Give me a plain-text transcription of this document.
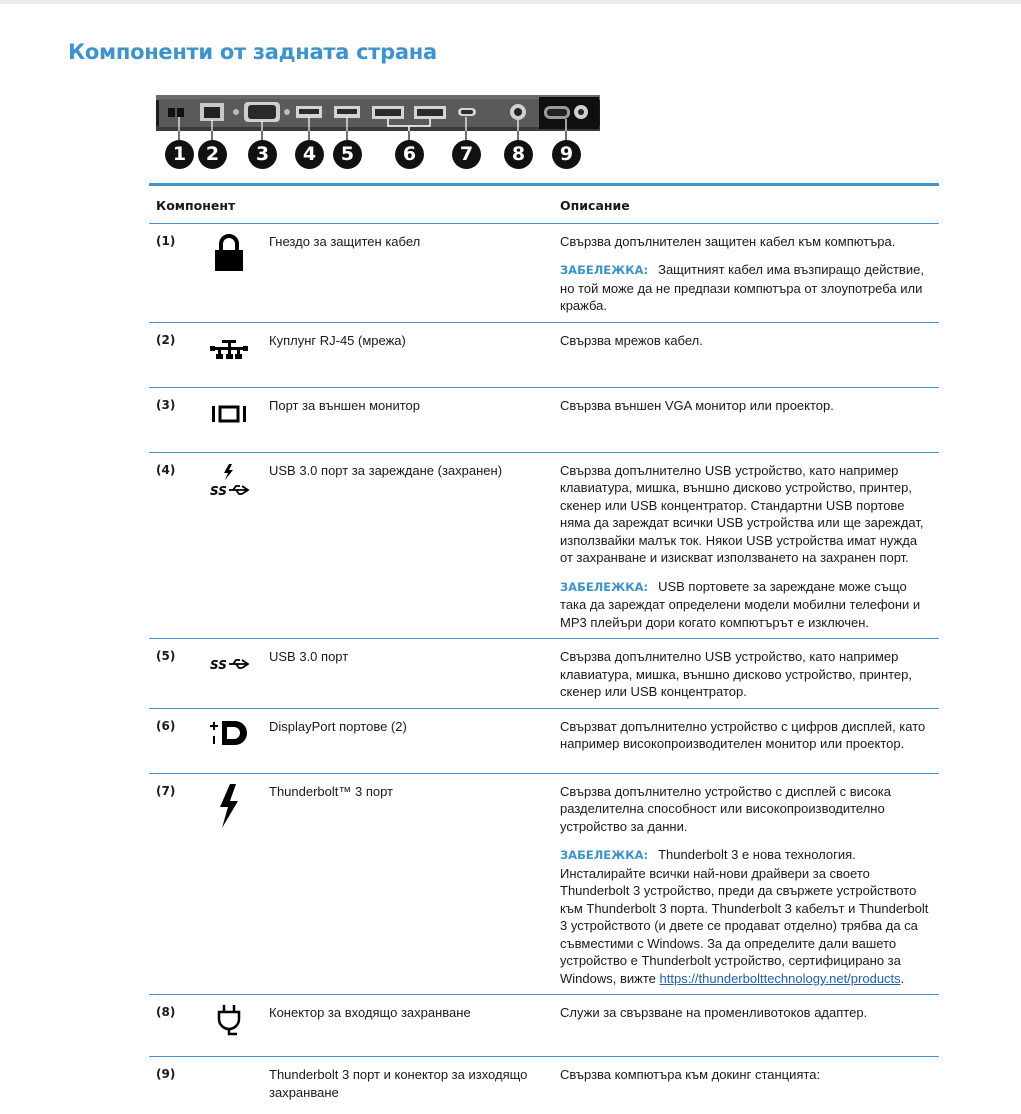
Компоненти от задната страна
1	2	3	4	5	6	7	8	9
Компонент			Описание
(1)		Гнездо за защитен кабел	Свързва допълнителен защитен кабел към компютъра.

ЗАБЕЛЕЖКА: Защитният кабел има възпиращо действие, но той може да не предпази компютъра от злоупотреба или кражба.

(2)		Куплунг RJ-45 (мрежа)	Свързва мрежов кабел.

(3)		Порт за външен монитор	Свързва външен VGA монитор или проектор.

(4)	SS	USB 3.0 порт за зареждане (захранен)	Свързва допълнително USB устройство, като например клавиатура, мишка, външно дисково устройство, принтер, скенер или USB концентратор. Стандартни USB портове няма да зареждат всички USB устройства или ще зареждат, използвайки малък ток. Някои USB устройства имат нужда от захранване и изискват използването на захранен порт.

ЗАБЕЛЕЖКА: USB портовете за зареждане може също така да зареждат определени модели мобилни телефони и MP3 плейъри дори когато компютърът е изключен.

(5)	SS	USB 3.0 порт	Свързва допълнително USB устройство, като например клавиатура, мишка, външно дисково устройство, принтер, скенер или USB концентратор.

(6)		DisplayPort портове (2)	Свързват допълнително устройство с цифров дисплей, като например високопроизводителен монитор или проектор.

(7)		Thunderbolt™ 3 порт	Свързва допълнително устройство с дисплей с висока разделителна способност или високопроизводително устройство за данни.

ЗАБЕЛЕЖКА: Thunderbolt 3 е нова технология. Инсталирайте всички най-нови драйвери за своето Thunderbolt 3 устройство, преди да свържете устройството към Thunderbolt 3 порта. Thunderbolt 3 кабелът и Thunderbolt 3 устройството (и двете се продават отделно) трябва да са съвместими с Windows. За да определите дали вашето устройство е Thunderbolt устройство, сертифицирано за Windows, вижте https://thunderbolttechnology.net/products.

(8)		Конектор за входящо захранване	Служи за свързване на променливотоков адаптер.

(9)		Thunderbolt 3 порт и конектор за изходящо захранване	Свързва компютъра към докинг станцията:
